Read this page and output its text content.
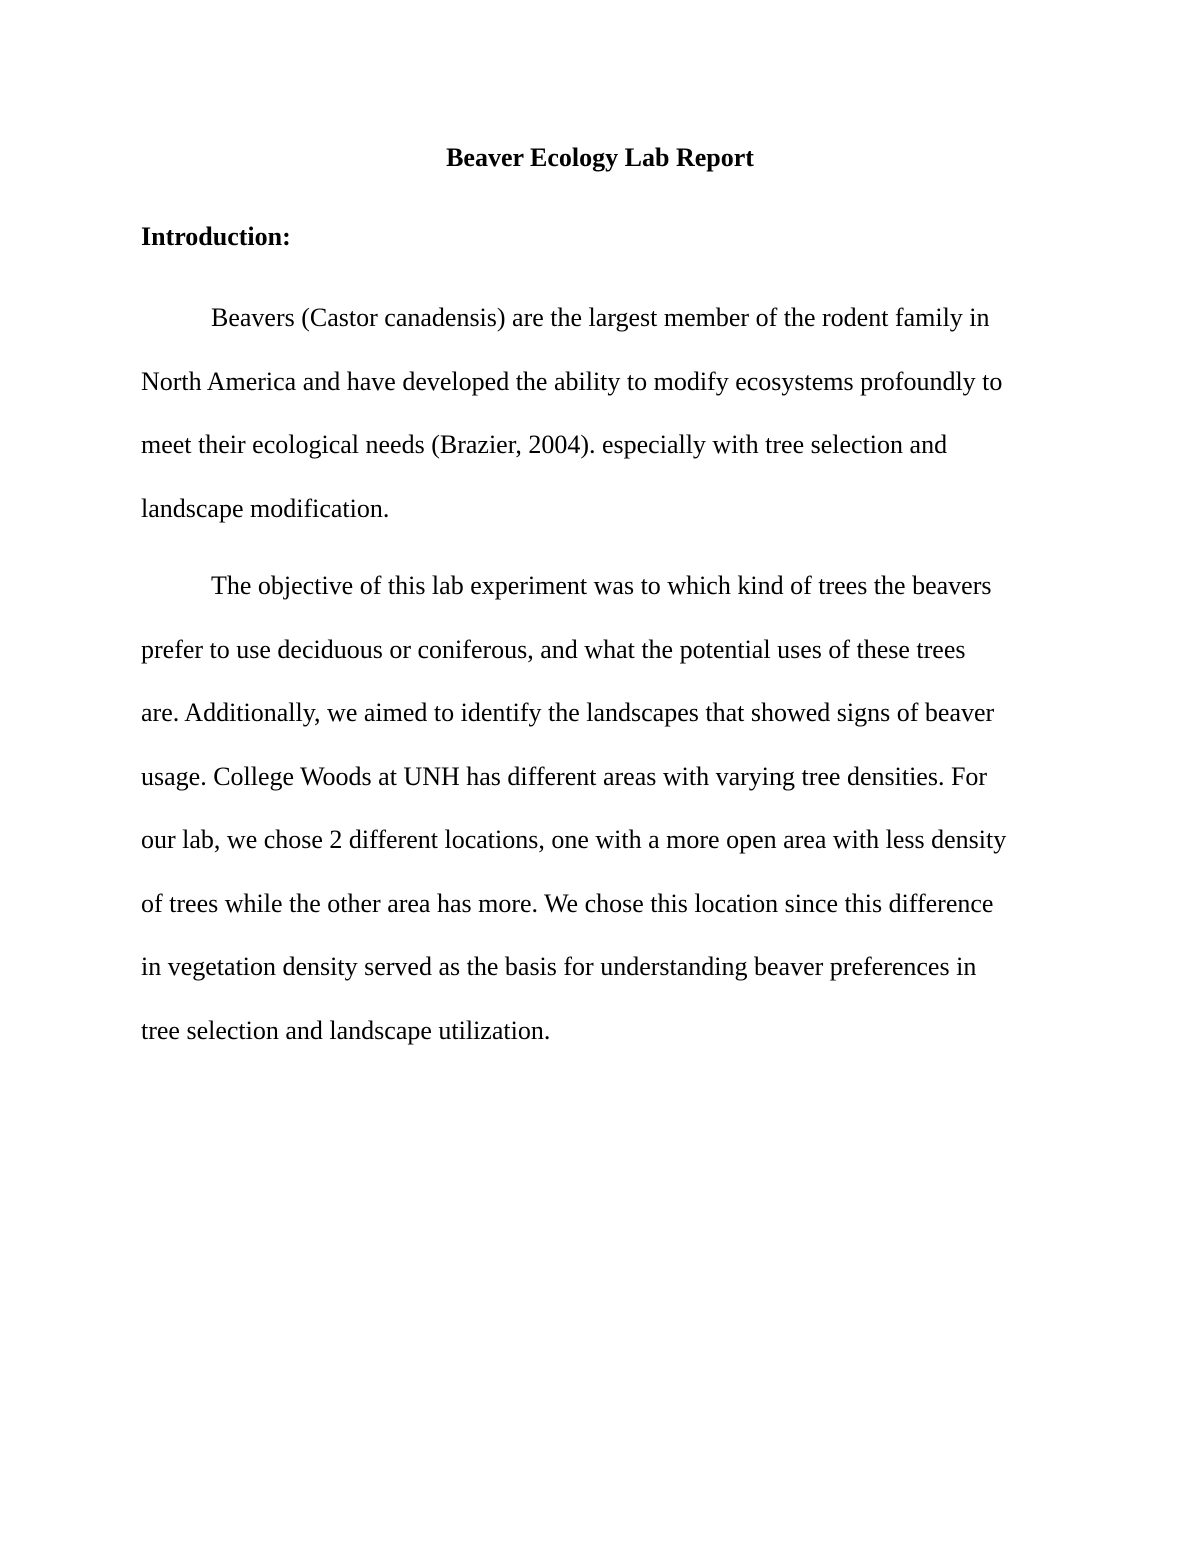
Beaver Ecology Lab Report
Introduction:
Beavers (Castor canadensis) are the largest member of the rodent family in
North America and have developed the ability to modify ecosystems profoundly to
meet their ecological needs (Brazier, 2004). especially with tree selection and
landscape modification.
The objective of this lab experiment was to which kind of trees the beavers
prefer to use deciduous or coniferous, and what the potential uses of these trees
are. Additionally, we aimed to identify the landscapes that showed signs of beaver
usage. College Woods at UNH has different areas with varying tree densities. For
our lab, we chose 2 different locations, one with a more open area with less density
of trees while the other area has more. We chose this location since this difference
in vegetation density served as the basis for understanding beaver preferences in
tree selection and landscape utilization.
